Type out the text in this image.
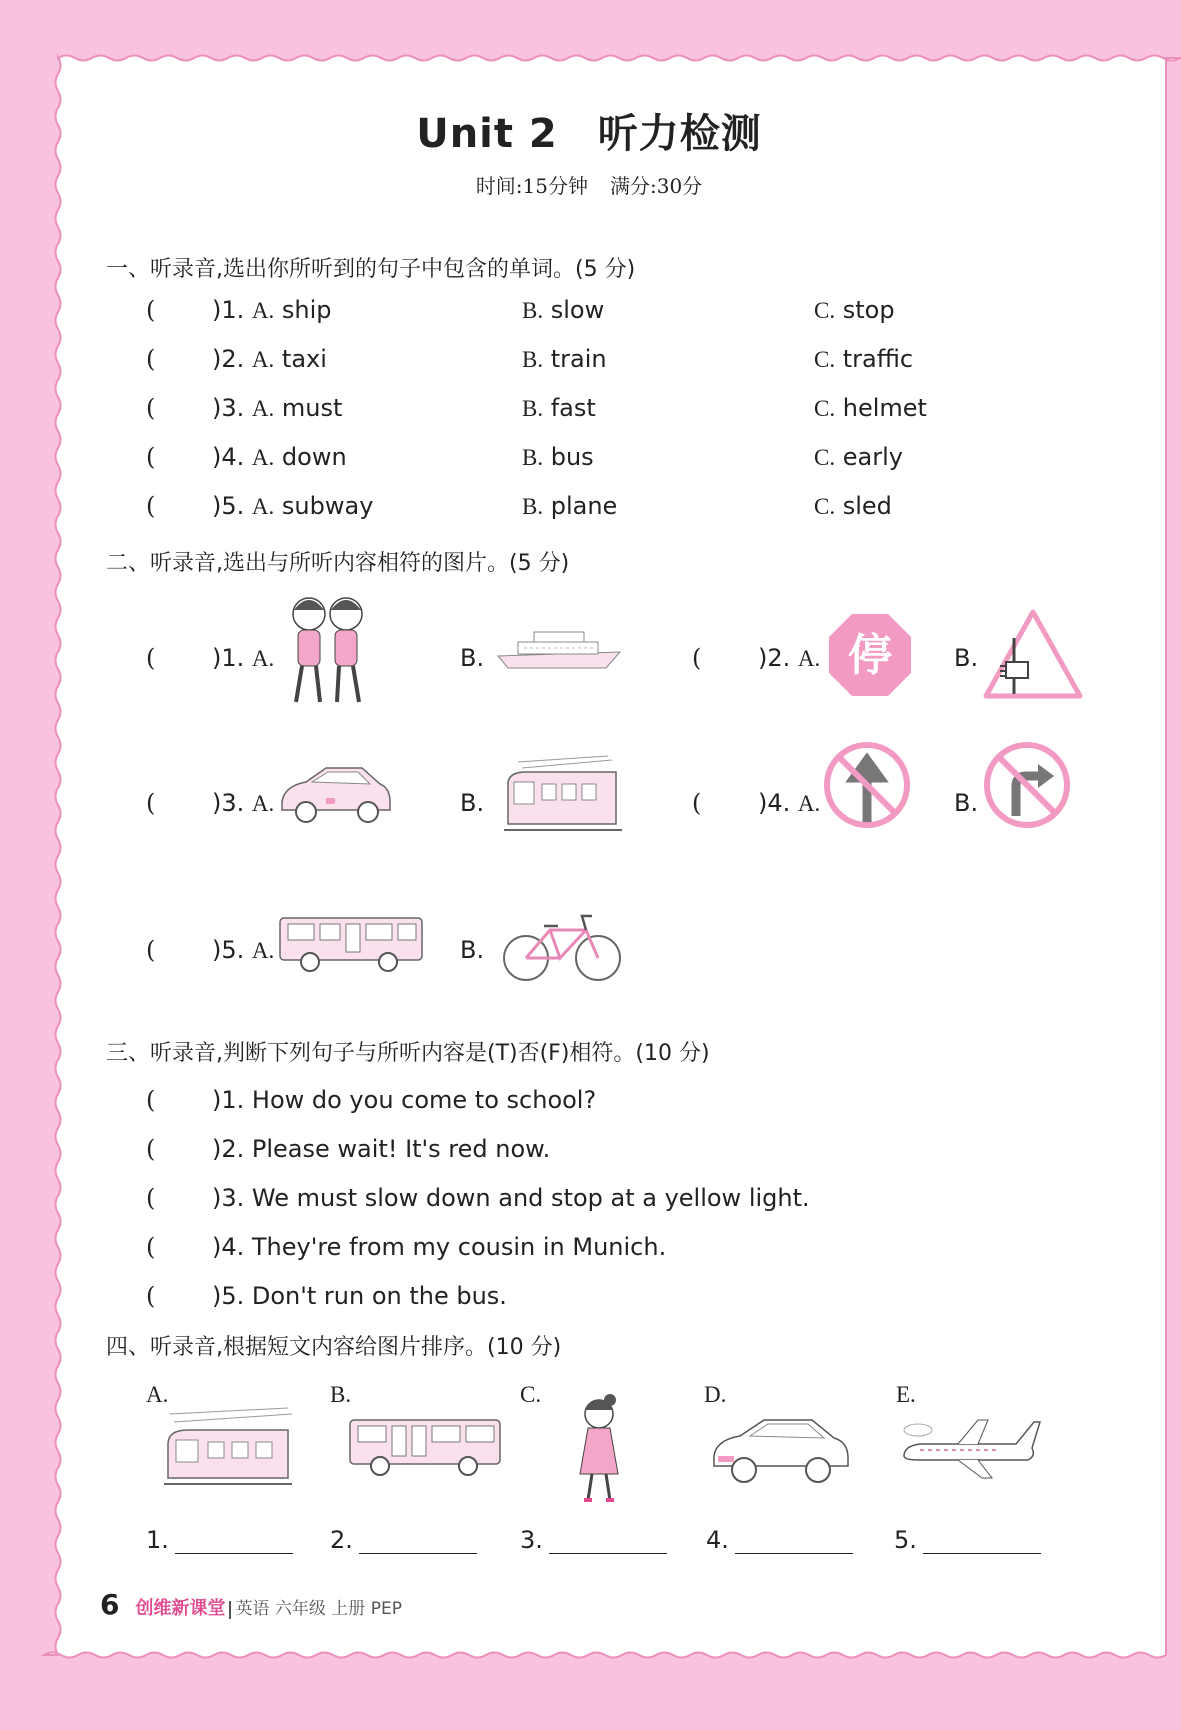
Unit 2 听力检测
时间:15分钟 满分:30分
一、听录音,选出你所听到的句子中包含的单词。(5 分)
( )1. A. ship	B. slow	C. stop
( )2. A. taxi	B. train	C. traffic
( )3. A. must	B. fast	C. helmet
( )4. A. down	B. bus	C. early
( )5. A. subway	B. plane	C. sled
二、听录音,选出与所听内容相符的图片。(5 分)
( )1. A.	B.	( )2. A. 停	B.
( )3. A.	B.	( )4. A.	B.
( )5. A.	B.
三、听录音,判断下列句子与所听内容是(T)否(F)相符。(10 分)
( )1. How do you come to school?
( )2. Please wait! It's red now.
( )3. We must slow down and stop at a yellow light.
( )4. They're from my cousin in Munich.
( )5. Don't run on the bus.
四、听录音,根据短文内容给图片排序。(10 分)
A.	B.	C.	D.	E.
1.	2.	3.	4.	5.
6 创维新课堂 英语 六年级 上册 PEP
